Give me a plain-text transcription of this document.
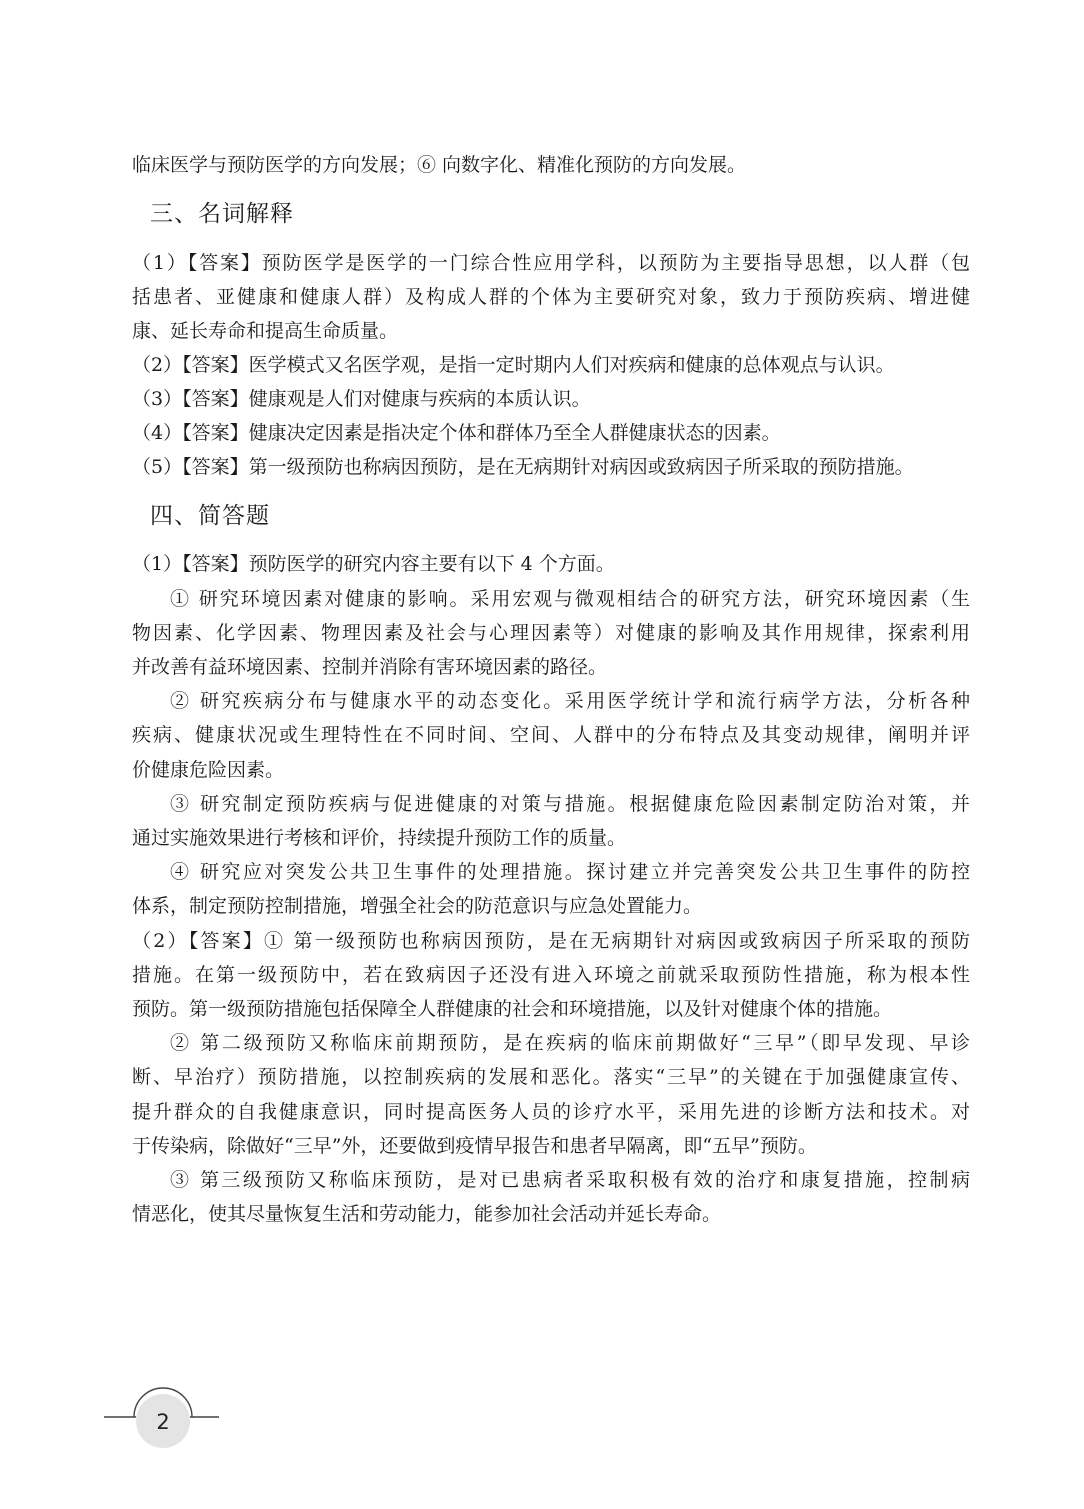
临床医学与预防医学的方向发展；⑥ 向数字化、精准化预防的方向发展。
三、名词解释
（1）【答案】预防医学是医学的一门综合性应用学科，以预防为主要指导思想，以人群（包
括患者、亚健康和健康人群）及构成人群的个体为主要研究对象，致力于预防疾病、增进健
康、延长寿命和提高生命质量。
（2）【答案】医学模式又名医学观，是指一定时期内人们对疾病和健康的总体观点与认识。
（3）【答案】健康观是人们对健康与疾病的本质认识。
（4）【答案】健康决定因素是指决定个体和群体乃至全人群健康状态的因素。
（5）【答案】第一级预防也称病因预防，是在无病期针对病因或致病因子所采取的预防措施。
四、简答题
（1）【答案】预防医学的研究内容主要有以下 4 个方面。
① 研究环境因素对健康的影响。采用宏观与微观相结合的研究方法，研究环境因素（生
物因素、化学因素、物理因素及社会与心理因素等）对健康的影响及其作用规律，探索利用
并改善有益环境因素、控制并消除有害环境因素的路径。
② 研究疾病分布与健康水平的动态变化。采用医学统计学和流行病学方法，分析各种
疾病、健康状况或生理特性在不同时间、空间、人群中的分布特点及其变动规律，阐明并评
价健康危险因素。
③ 研究制定预防疾病与促进健康的对策与措施。根据健康危险因素制定防治对策，并
通过实施效果进行考核和评价，持续提升预防工作的质量。
④ 研究应对突发公共卫生事件的处理措施。探讨建立并完善突发公共卫生事件的防控
体系，制定预防控制措施，增强全社会的防范意识与应急处置能力。
（2）【答案】① 第一级预防也称病因预防，是在无病期针对病因或致病因子所采取的预防
措施。在第一级预防中，若在致病因子还没有进入环境之前就采取预防性措施，称为根本性
预防。第一级预防措施包括保障全人群健康的社会和环境措施，以及针对健康个体的措施。
② 第二级预防又称临床前期预防，是在疾病的临床前期做好“三早”（即早发现、早诊
断、早治疗）预防措施，以控制疾病的发展和恶化。落实“三早”的关键在于加强健康宣传、
提升群众的自我健康意识，同时提高医务人员的诊疗水平，采用先进的诊断方法和技术。对
于传染病，除做好“三早”外，还要做到疫情早报告和患者早隔离，即“五早”预防。
③ 第三级预防又称临床预防，是对已患病者采取积极有效的治疗和康复措施，控制病
情恶化，使其尽量恢复生活和劳动能力，能参加社会活动并延长寿命。
2
